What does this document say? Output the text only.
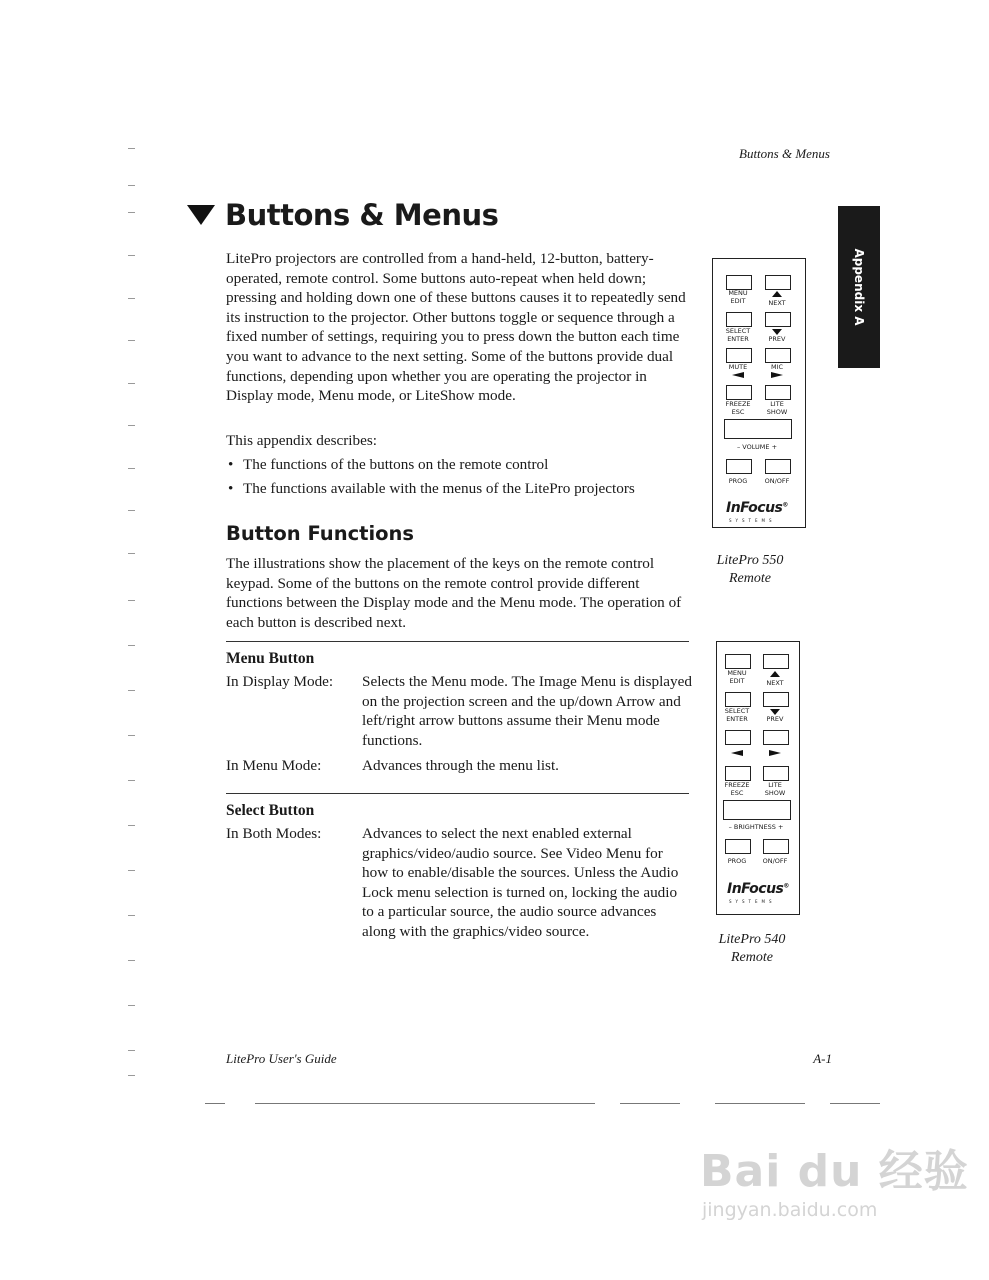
Buttons & Menus
Buttons & Menus
LitePro projectors are controlled from a hand-held, 12-button, battery-operated, remote control. Some buttons auto-repeat when held down; pressing and holding down one of these buttons causes it to repeatedly send its instruction to the projector. Other buttons toggle or sequence through a fixed number of settings, requiring you to press down the button each time you want to advance to the next setting. Some of the buttons provide dual functions, depending upon whether you are operating the projector in Display mode, Menu mode, or LiteShow mode.
This appendix describes:
• The functions of the buttons on the remote control
• The functions available with the menus of the LitePro projectors
Button Functions
The illustrations show the placement of the keys on the remote control keypad. Some of the buttons on the remote control provide different functions between the Display mode and the Menu mode. The operation of each button is described next.
Menu Button
In Display Mode: Selects the Menu mode. The Image Menu is displayed on the projection screen and the up/down Arrow and left/right arrow buttons assume their Menu mode functions.
In Menu Mode:	Advances through the menu list.
Select Button
In Both Modes:	Advances to select the next enabled external graphics/video/audio source. See Video Menu for how to enable/disable the sources. Unless the Audio Lock menu selection is turned on, locking the audio to a particular source, the audio source advances along with the graphics/video source.
Appendix A
MENU
EDIT	NEXT
SELECT
ENTER	PREV
MUTE	MIC
FREEZE
ESC
LITE
SHOW
– VOLUME +
PROG	ON/OFF
InFocus®
SYSTEMS
LitePro 550
Remote
MENU
EDIT	NEXT
SELECT
ENTER	PREV
FREEZE
ESC
LITE
SHOW
– BRIGHTNESS +
PROG	ON/OFF
InFocus®
SYSTEMS
LitePro 540
Remote
LitePro User's Guide	A-1
Bai du 经验
jingyan.baidu.com
